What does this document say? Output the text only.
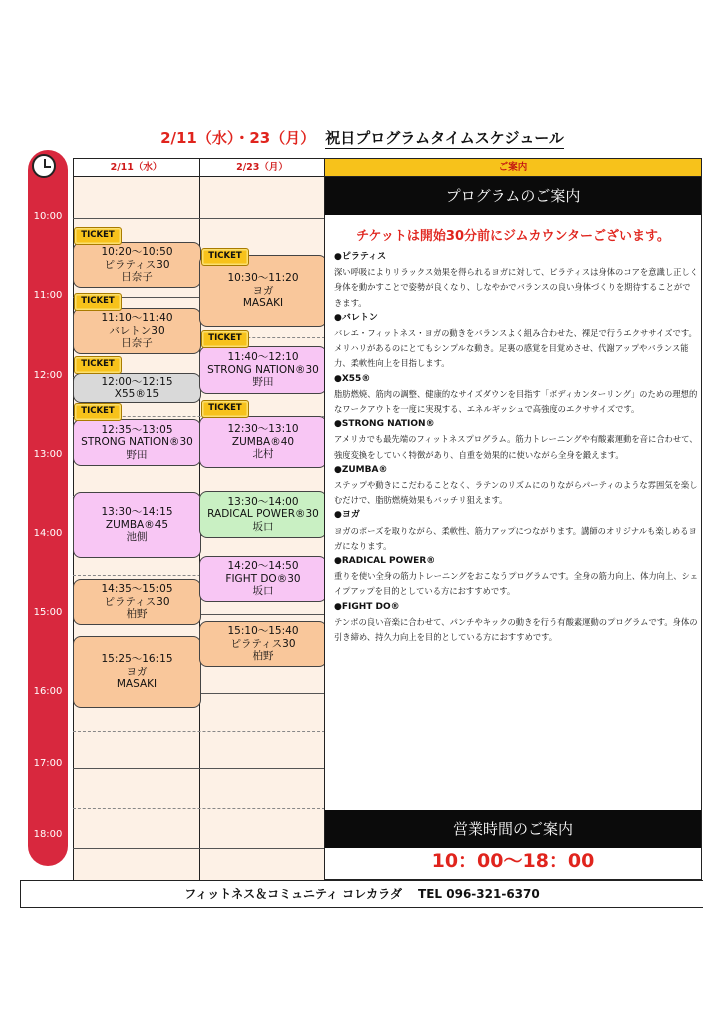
2/11（水）・23（月） 祝日プログラムタイムスケジュール
10:00
11:00
12:00
13:00
14:00
15:00
16:00
17:00
18:00
2/11（水）	2/23（月）
10:20～10:50
ピラティス30
日奈子
11:10～11:40
バレトン30
日奈子
12:00～12:15
X55®15
12:35～13:05
STRONG NATION®30
野田
13:30～14:15
ZUMBA®45
池側
14:35～15:05
ピラティス30
柏野
15:25～16:15
ヨガ
MASAKI
10:30～11:20
ヨガ
MASAKI
11:40～12:10
STRONG NATION®30
野田
12:30～13:10
ZUMBA®40
北村
13:30～14:00
RADICAL POWER®30
坂口
14:20～14:50
FIGHT DO®30
坂口
15:10～15:40
ピラティス30
柏野
TICKET
TICKET
TICKET
TICKET
TICKET
TICKET
TICKET
ご案内
プログラムのご案内
チケットは開始30分前にジムカウンターございます。
●ピラティス
深い呼吸によりリラックス効果を得られるヨガに対して、ピラティスは身体のコアを意識し正しく身体を動かすことで姿勢が良くなり、しなやかでバランスの良い身体づくりを期待することができます。
●バレトン
バレエ・フィットネス・ヨガの動きをバランスよく組み合わせた、裸足で行うエクササイズです。メリハリがあるのにとてもシンプルな動き。足裏の感覚を目覚めさせ、代謝アップやバランス能力、柔軟性向上を目指します。
●X55®
脂肪燃焼、筋肉の調整、健康的なサイズダウンを目指す「ボディカンターリング」のための理想的なワークアウトを一度に実現する、エネルギッシュで高強度のエクササイズです。
●STRONG NATION®
アメリカでも最先端のフィットネスプログラム。筋力トレーニングや有酸素運動を音に合わせて、強度変換をしていく特徴があり、自重を効果的に使いながら全身を鍛えます。
●ZUMBA®
ステップや動きにこだわることなく、ラテンのリズムにのりながらパーティのような雰囲気を楽しむだけで、脂肪燃焼効果もバッチリ狙えます。
●ヨガ
ヨガのポーズを取りながら、柔軟性、筋力アップにつながります。講師のオリジナルも楽しめるヨガになります。
●RADICAL POWER®
重りを使い全身の筋力トレーニングをおこなうプログラムです。全身の筋力向上、体力向上、シェイプアップを目的としている方におすすめです。
●FIGHT DO®
テンポの良い音楽に合わせて、パンチやキックの動きを行う有酸素運動のプログラムです。身体の引き締め、持久力向上を目的としている方におすすめです。
営業時間のご案内
10：00～18：00
フィットネス＆コミュニティ コレカラダ TEL 096-321-6370
